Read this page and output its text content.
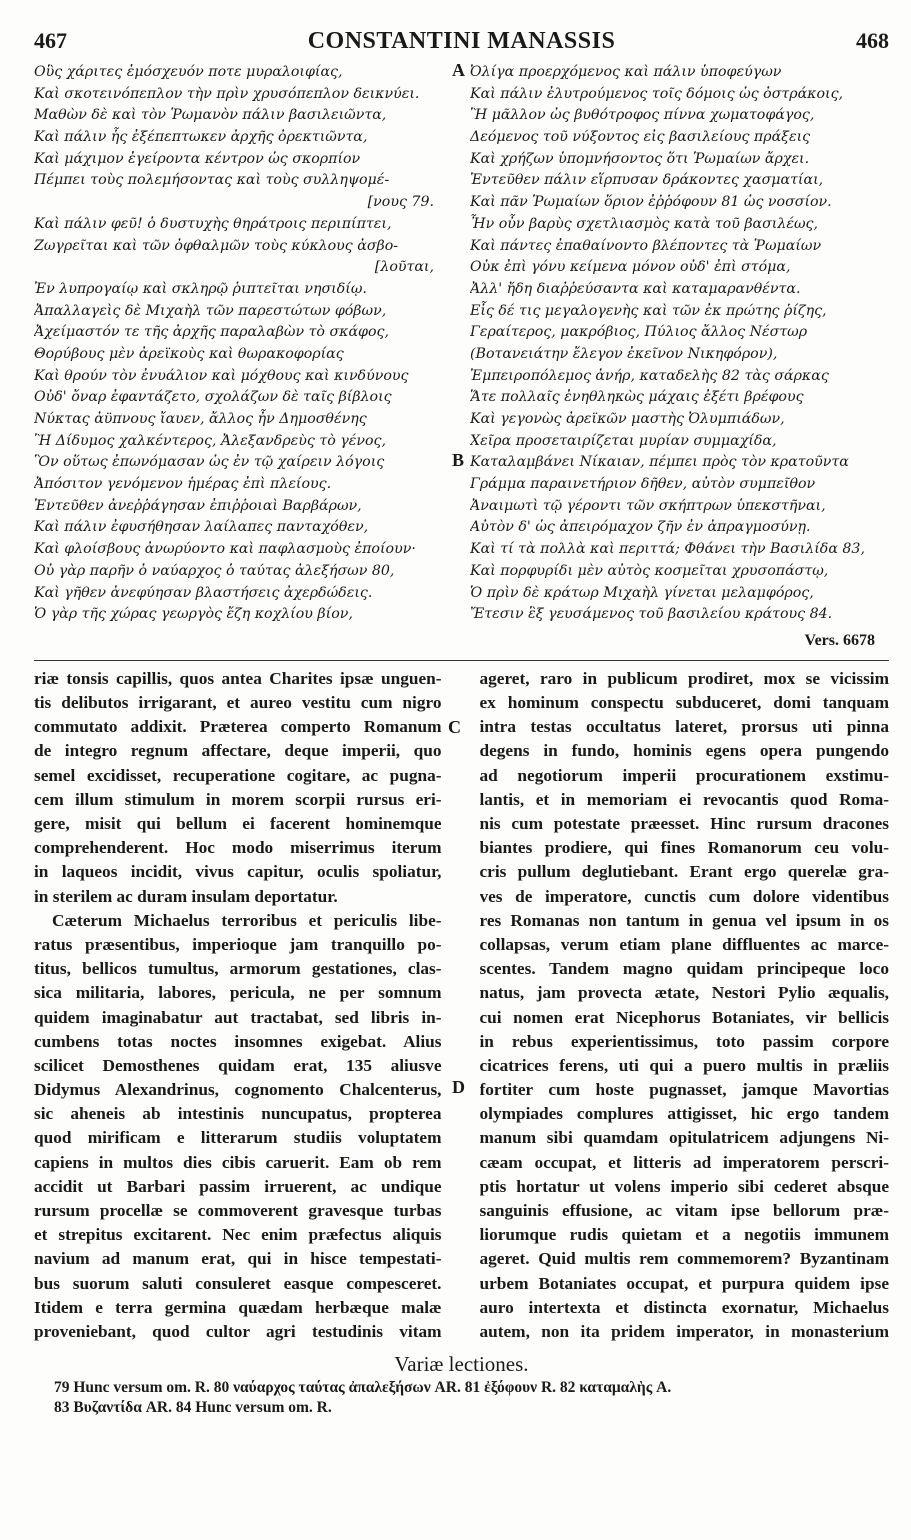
467	CONSTANTINI MANASSIS	468
Οὓς χάριτες ἐμόσχευόν ποτε μυραλοιφίας,
Καὶ σκοτεινόπεπλον τὴν πρὶν χρυσόπεπλον δεικνύει.
Μαθὼν δὲ καὶ τὸν Ῥωμανὸν πάλιν βασιλειῶντα,
Καὶ πάλιν ἧς ἐξέπεπτωκεν ἀρχῆς ὀρεκτιῶντα,
Καὶ μάχιμον ἐγείροντα κέντρον ὡς σκορπίον
Πέμπει τοὺς πολεμήσοντας καὶ τοὺς συλληψομέ-
[νους 79.
Καὶ πάλιν φεῦ! ὁ δυστυχὴς θηράτροις περιπίπτει,
Ζωγρεῖται καὶ τῶν ὀφθαλμῶν τοὺς κύκλους ἀσβο-
[λοῦται,
Ἐν λυπρογαίῳ καὶ σκληρῷ ῥιπτεῖται νησιδίῳ.
Ἀπαλλαγεὶς δὲ Μιχαὴλ τῶν παρεστώτων φόβων,
Ἀχείμαστόν τε τῆς ἀρχῆς παραλαβὼν τὸ σκάφος,
Θορύβους μὲν ἀρεϊκοὺς καὶ θωρακοφορίας
Καὶ θρούν τὸν ἐνυάλιον καὶ μόχθους καὶ κινδύνους
Οὐδ' ὄναρ ἐφαντάζετο, σχολάζων δὲ ταῖς βίβλοις
Νύκτας ἀϋπνους ἴαυεν, ἄλλος ἦν Δημοσθένης
Ἢ Δίδυμος χαλκέντερος, Ἀλεξανδρεὺς τὸ γένος,
Ὃν οὕτως ἐπωνόμασαν ὡς ἐν τῷ χαίρειν λόγοις
Ἀπόσιτον γενόμενον ἡμέρας ἐπὶ πλείους.
Ἐντεῦθεν ἀνεῤῥάγησαν ἐπιῤῥοιαὶ Βαρβάρων,
Καὶ πάλιν ἐφυσήθησαν λαίλαπες πανταχόθεν,
Καὶ φλοίσβους ἀνωρύοντο καὶ παφλασμοὺς ἐποίουν·
Οὐ γὰρ παρῆν ὁ ναύαρχος ὁ ταύτας ἀλεξήσων 80,
Καὶ γῆθεν ἀνεφύησαν βλαστήσεις ἀχερδώδεις.
Ὁ γὰρ τῆς χώρας γεωργὸς ἔζη κοχλίου βίον,
A
B
Ὀλίγα προερχόμενος καὶ πάλιν ὑποφεύγων
Καὶ πάλιν ἐλυτρούμενος τοῖς δόμοις ὡς ὀστράκοις,
Ἢ μᾶλλον ὡς βυθότροφος πίννα χωματοφάγος,
Δεόμενος τοῦ νύξοντος εἰς βασιλείους πράξεις
Καὶ χρήζων ὑπομνήσοντος ὅτι Ῥωμαίων ἄρχει.
Ἐντεῦθεν πάλιν εἵρπυσαν δράκοντες χασματίαι,
Καὶ πᾶν Ῥωμαίων ὅριον ἐῤῥόφουν 81 ὡς νοσσίον.
Ἦν οὖν βαρὺς σχετλιασμὸς κατὰ τοῦ βασιλέως,
Καὶ πάντες ἐπαθαίνοντο βλέποντες τὰ Ῥωμαίων
Οὐκ ἐπὶ γόνυ κείμενα μόνον οὐδ' ἐπὶ στόμα,
Ἀλλ' ἤδη διαῤῥεύσαντα καὶ καταμαρανθέντα.
Εἷς δέ τις μεγαλογενὴς καὶ τῶν ἐκ πρώτης ῥίζης,
Γεραίτερος, μακρόβιος, Πύλιος ἄλλος Νέστωρ
(Βοτανειάτην ἔλεγον ἐκεῖνον Νικηφόρον),
Ἐμπειροπόλεμος ἀνήρ, καταδελὴς 82 τὰς σάρκας
Ἅτε πολλαῖς ἐνηθληκὼς μάχαις ἐξέτι βρέφους
Καὶ γεγονὼς ἀρεϊκῶν μαστὴς Ὀλυμπιάδων,
Χεῖρα προσεταιρίζεται μυρίαν συμμαχίδα,
Καταλαμβάνει Νίκαιαν, πέμπει πρὸς τὸν κρατοῦντα
Γράμμα παραινετήριον δῆθεν, αὐτὸν συμπεῖθον
Ἀναιμωτὶ τῷ γέροντι τῶν σκήπτρων ὑπεκστῆναι,
Αὐτὸν δ' ὡς ἀπειρόμαχον ζῆν ἐν ἀπραγμοσύνῃ.
Καὶ τί τὰ πολλὰ καὶ περιττά; Φθάνει τὴν Βασιλίδα 83,
Καὶ πορφυρίδι μὲν αὐτὸς κοσμεῖται χρυσοπάστῳ,
Ὁ πρὶν δὲ κράτωρ Μιχαὴλ γίνεται μελαμφόρος,
Ἔτεσιν ἓξ γευσάμενος τοῦ βασιλείου κράτους 84.
Vers. 6678
riæ tonsis capillis, quos antea Charites ipsæ unguen-
tis delibutos irrigarant, et aureo vestitu cum nigro
commutato addixit. Præterea comperto Romanum
de integro regnum affectare, deque imperii, quo
semel excidisset, recuperatione cogitare, ac pugna-
cem illum stimulum in morem scorpii rursus eri-
gere, misit qui bellum ei facerent hominemque
comprehenderent. Hoc modo miserrimus iterum
in laqueos incidit, vivus capitur, oculis spoliatur,
in sterilem ac duram insulam deportatur.
Cæterum Michaelus terroribus et periculis libe-
ratus præsentibus, imperioque jam tranquillo po-
titus, bellicos tumultus, armorum gestationes, clas-
sica militaria, labores, pericula, ne per somnum
quidem imaginabatur aut tractabat, sed libris in-
cumbens totas noctes insomnes exigebat. Alius
scilicet Demosthenes quidam erat, 135 aliusve
Didymus Alexandrinus, cognomento Chalcenterus,
sic aheneis ab intestinis nuncupatus, propterea
quod mirificam e litterarum studiis voluptatem
capiens in multos dies cibis caruerit. Eam ob rem
accidit ut Barbari passim irruerent, ac undique
rursum procellæ se commoverent gravesque turbas
et strepitus excitarent. Nec enim præfectus aliquis
navium ad manum erat, qui in hisce tempestati-
bus suorum saluti consuleret easque compesceret.
Itidem e terra germina quædam herbæque malæ
proveniebant, quod cultor agri testudinis vitam
C
D
ageret, raro in publicum prodiret, mox se vicissim
ex hominum conspectu subduceret, domi tanquam
intra testas occultatus lateret, prorsus uti pinna
degens in fundo, hominis egens opera pungendo
ad negotiorum imperii procurationem exstimu-
lantis, et in memoriam ei revocantis quod Roma-
nis cum potestate præesset. Hinc rursum dracones
biantes prodiere, qui fines Romanorum ceu volu-
cris pullum deglutiebant. Erant ergo querelæ gra-
ves de imperatore, cunctis cum dolore videntibus
res Romanas non tantum in genua vel ipsum in os
collapsas, verum etiam plane diffluentes ac marce-
scentes. Tandem magno quidam principeque loco
natus, jam provecta ætate, Nestori Pylio æqualis,
cui nomen erat Nicephorus Botaniates, vir bellicis
in rebus experientissimus, toto passim corpore
cicatrices ferens, uti qui a puero multis in præliis
fortiter cum hoste pugnasset, jamque Mavortias
olympiades complures attigisset, hic ergo tandem
manum sibi quamdam opitulatricem adjungens Ni-
cæam occupat, et litteris ad imperatorem perscri-
ptis hortatur ut volens imperio sibi cederet absque
sanguinis effusione, ac vitam ipse bellorum præ-
liorumque rudis quietam et a negotiis immunem
ageret. Quid multis rem commemorem? Byzantinam
urbem Botaniates occupat, et purpura quidem ipse
auro intertexta et distincta exornatur, Michaelus
autem, non ita pridem imperator, in monasterium
Variæ lectiones.
79 Hunc versum om. R. 80 ναύαρχος ταύτας ἀπαλεξήσων AR. 81 ἐξόφουν R. 82 καταμαλὴς A.
83 Βυζαντίδα AR. 84 Hunc versum om. R.
